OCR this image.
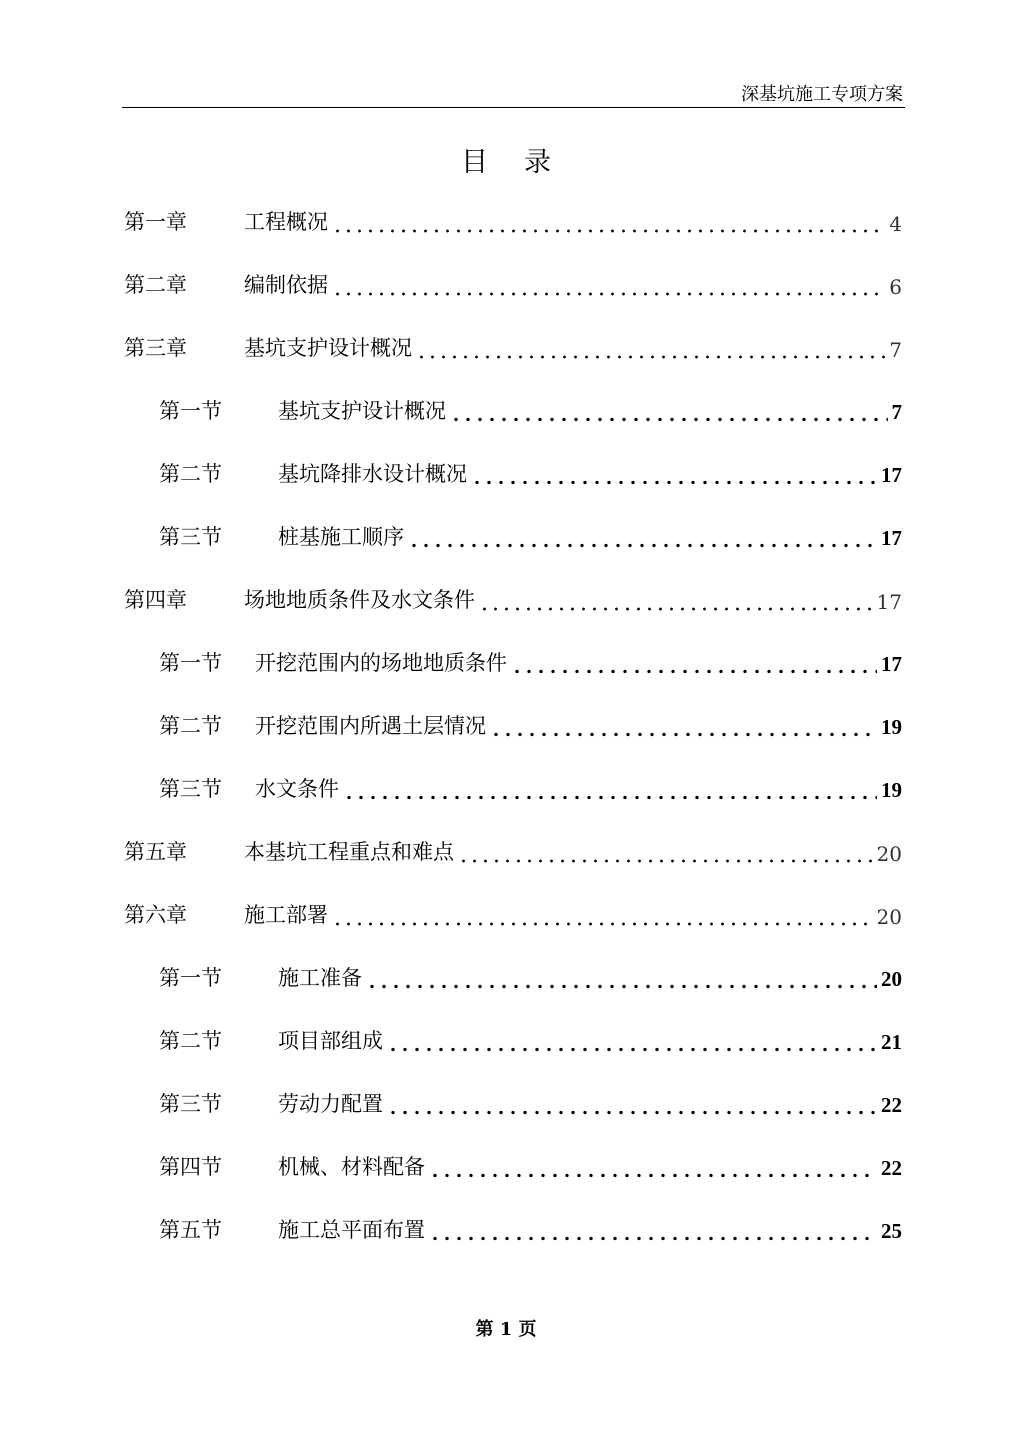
深基坑施工专项方案
目录
第一章	工程概况	4
第二章	编制依据	6
第三章	基坑支护设计概况	7
第一节	基坑支护设计概况	7
第二节	基坑降排水设计概况	17
第三节	桩基施工顺序	17
第四章	场地地质条件及水文条件	17
第一节 开挖范围内的场地地质条件	17
第二节 开挖范围内所遇土层情况	19
第三节 水文条件	19
第五章	本基坑工程重点和难点	20
第六章	施工部署	20
第一节	施工准备	20
第二节	项目部组成	21
第三节	劳动力配置	22
第四节	机械、材料配备	22
第五节	施工总平面布置	25
第 1 页
